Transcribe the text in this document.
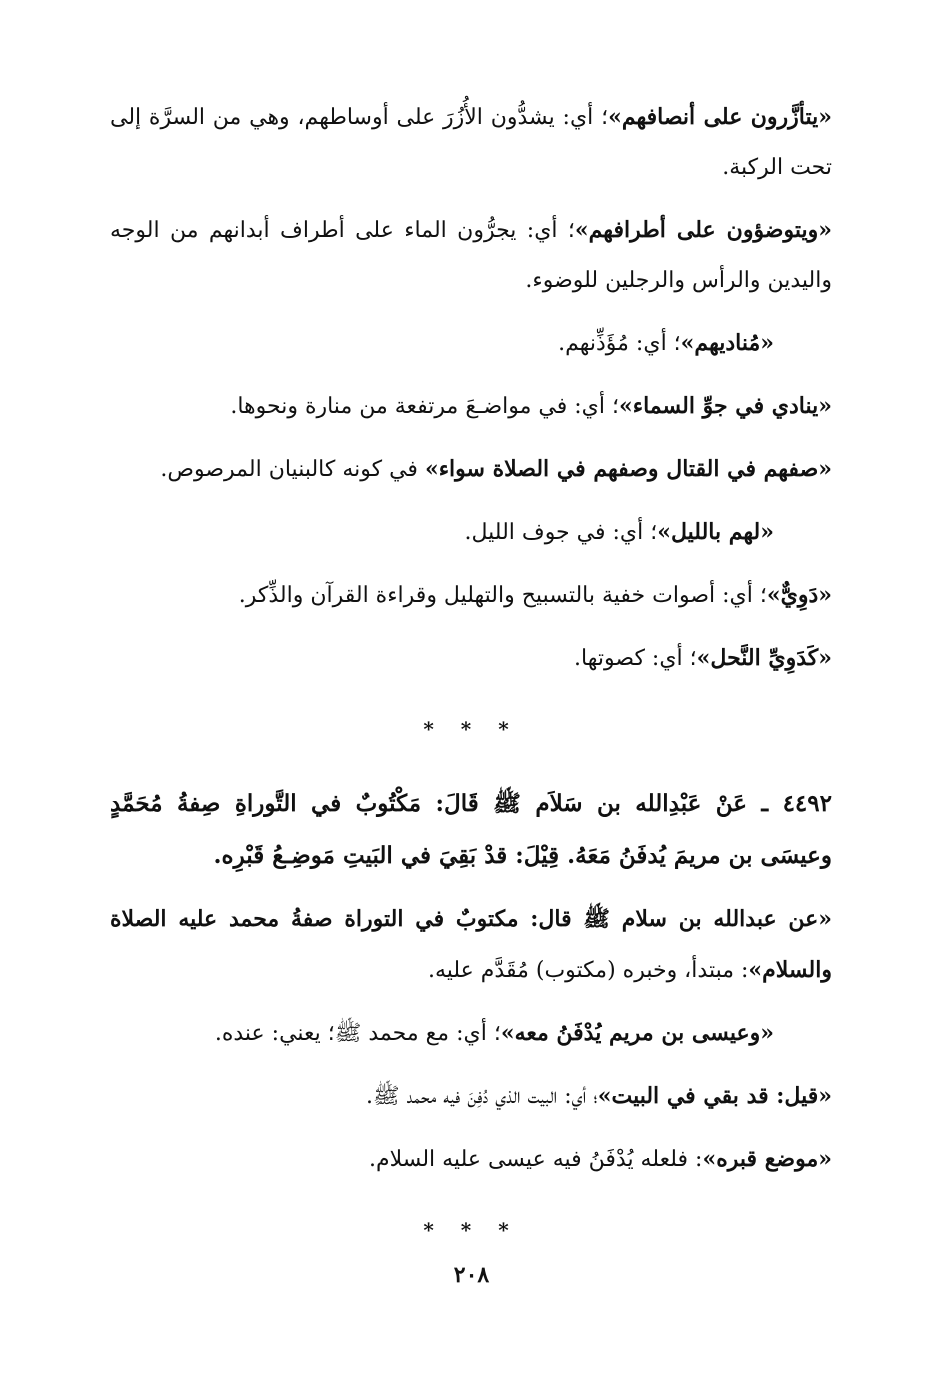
«يتأزَّرون على أنصافهم»؛ أي: يشدُّون الأُزُرَ على أوساطهم، وهي من السرَّة إلى تحت الركبة.

«ويتوضؤون على أطرافهم»؛ أي: يجرُّون الماء على أطراف أبدانهم من الوجه واليدين والرأس والرجلين للوضوء.

«مُناديهم»؛ أي: مُؤَذِّنهم.

«ينادي في جوِّ السماء»؛ أي: في مواضـعَ مرتفعة من منارة ونحوها.

«صفهم في القتال وصفهم في الصلاة سواء» في كونه كالبنيان المرصوص.

«لهم بالليل»؛ أي: في جوف الليل.

«دَوِيٌّ»؛ أي: أصوات خفية بالتسبيح والتهليل وقراءة القرآن والذِّكر.

«كَدَوِيِّ النَّحل»؛ أي: كصوتها.

* * *

٤٤٩٢ ـ عَنْ عَبْدِالله بن سَلاَم ﷺ قَالَ: مَكْتُوبٌ في التَّوراةِ صِفةُ مُحَمَّدٍ وعيسَى بن مريمَ يُدفَنُ مَعَهُ. قِيْلَ: قدْ بَقِيَ في البَيتِ مَوضِـعُ قَبْرِه.

«عن عبدالله بن سلام ﷺ قال: مكتوبٌ في التوراة صفةُ محمد عليه الصلاة والسلام»: مبتدأ، وخبره (مكتوب) مُقَدَّم عليه.

«وعيسى بن مريم يُدْفَنُ معه»؛ أي: مع محمد ﷺ؛ يعني: عنده.

«قيل: قد بقي في البيت»؛ أي: البيت الذي دُفِنَ فيه محمد ﷺ.

«موضع قبره»: فلعله يُدْفَنُ فيه عيسى عليه السلام.

* * *
٢٠٨
